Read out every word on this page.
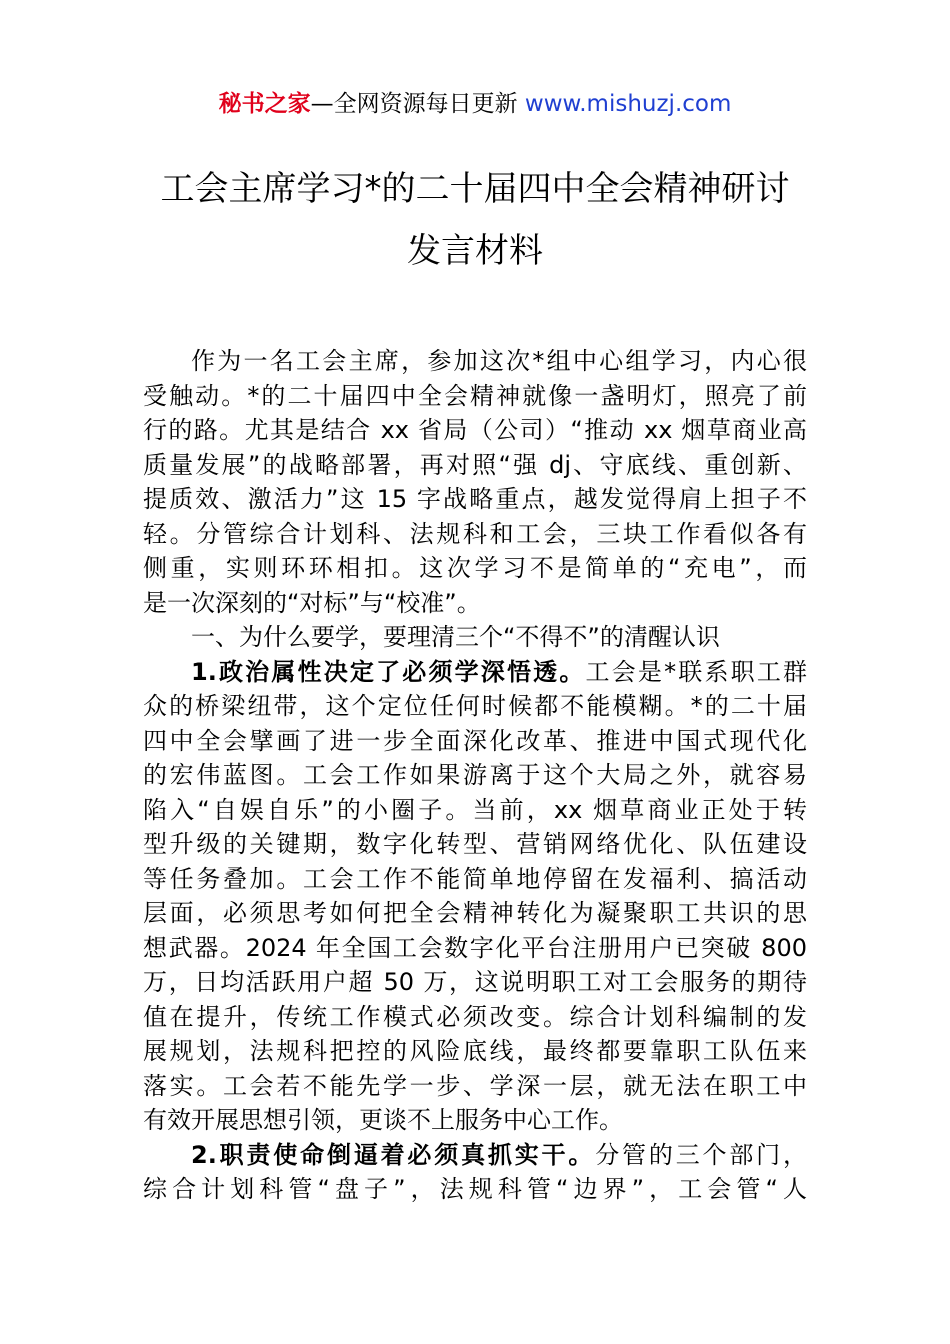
秘书之家—全网资源每日更新 www.mishuzj.com
工会主席学习*的二十届四中全会精神研讨
发言材料
作为一名工会主席，参加这次*组中心组学习，内心很
受触动。*的二十届四中全会精神就像一盏明灯，照亮了前
行的路。尤其是结合 xx 省局（公司）“推动 xx 烟草商业高
质量发展”的战略部署，再对照“强 dj、守底线、重创新、
提质效、激活力”这 15 字战略重点，越发觉得肩上担子不
轻。分管综合计划科、法规科和工会，三块工作看似各有
侧重，实则环环相扣。这次学习不是简单的“充电”，而
是一次深刻的“对标”与“校准”。
一、为什么要学，要理清三个“不得不”的清醒认识
1.政治属性决定了必须学深悟透。工会是*联系职工群
众的桥梁纽带，这个定位任何时候都不能模糊。*的二十届
四中全会擘画了进一步全面深化改革、推进中国式现代化
的宏伟蓝图。工会工作如果游离于这个大局之外，就容易
陷入“自娱自乐”的小圈子。当前，xx 烟草商业正处于转
型升级的关键期，数字化转型、营销网络优化、队伍建设
等任务叠加。工会工作不能简单地停留在发福利、搞活动
层面，必须思考如何把全会精神转化为凝聚职工共识的思
想武器。2024 年全国工会数字化平台注册用户已突破 800
万，日均活跃用户超 50 万，这说明职工对工会服务的期待
值在提升，传统工作模式必须改变。综合计划科编制的发
展规划，法规科把控的风险底线，最终都要靠职工队伍来
落实。工会若不能先学一步、学深一层，就无法在职工中
有效开展思想引领，更谈不上服务中心工作。
2.职责使命倒逼着必须真抓实干。分管的三个部门，
综合计划科管“盘子”，法规科管“边界”，工会管“人
